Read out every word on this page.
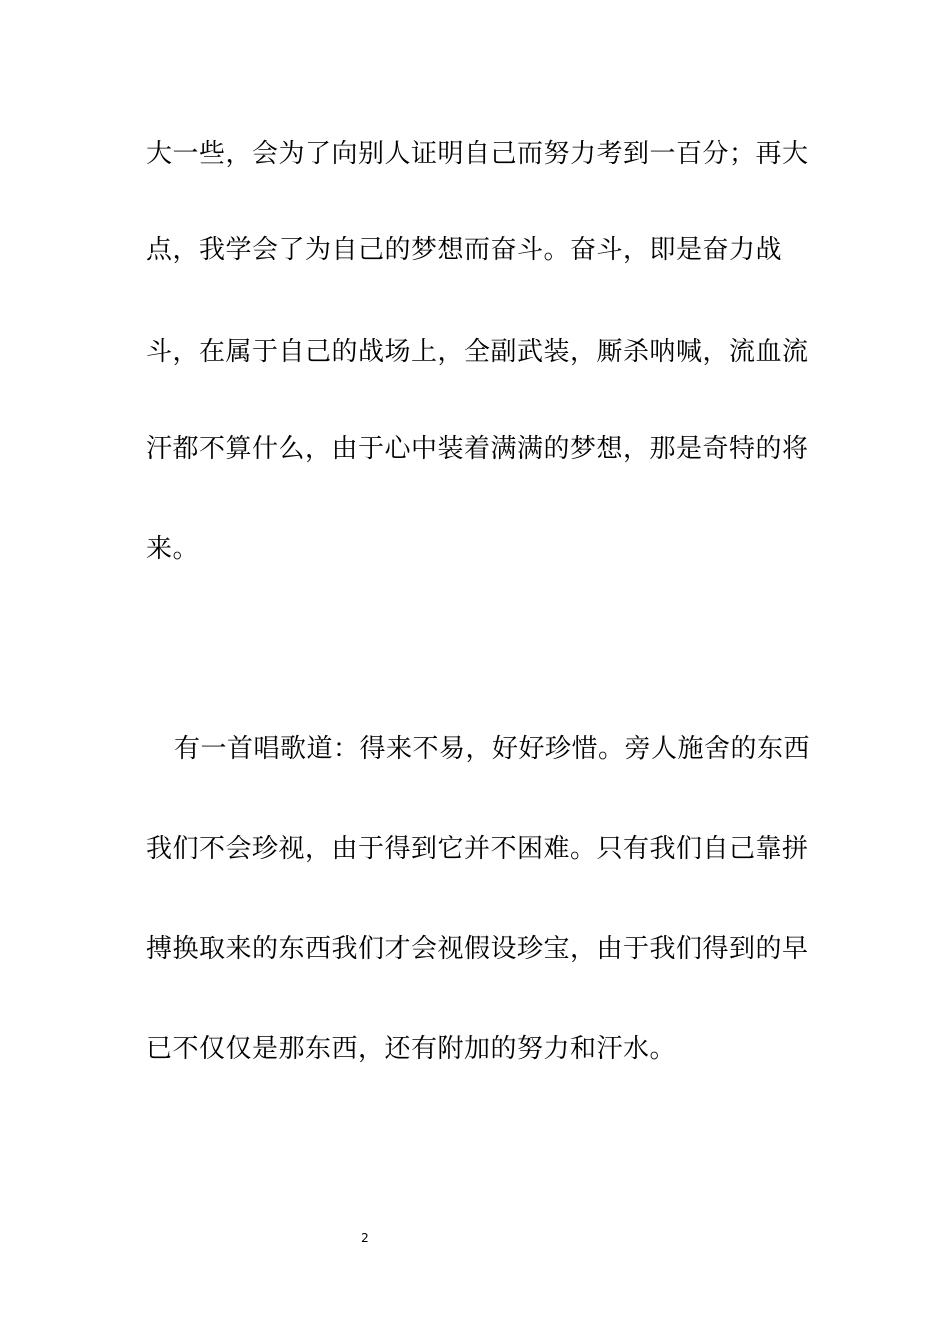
大一些，会为了向别人证明自己而努力考到一百分；再大
点，我学会了为自己的梦想而奋斗。奋斗，即是奋力战
斗，在属于自己的战场上，全副武装，厮杀呐喊，流血流
汗都不算什么，由于心中装着满满的梦想，那是奇特的将
来。
有一首唱歌道：得来不易，好好珍惜。旁人施舍的东西
我们不会珍视，由于得到它并不困难。只有我们自己靠拼
搏换取来的东西我们才会视假设珍宝，由于我们得到的早
已不仅仅是那东西，还有附加的努力和汗水。
2
